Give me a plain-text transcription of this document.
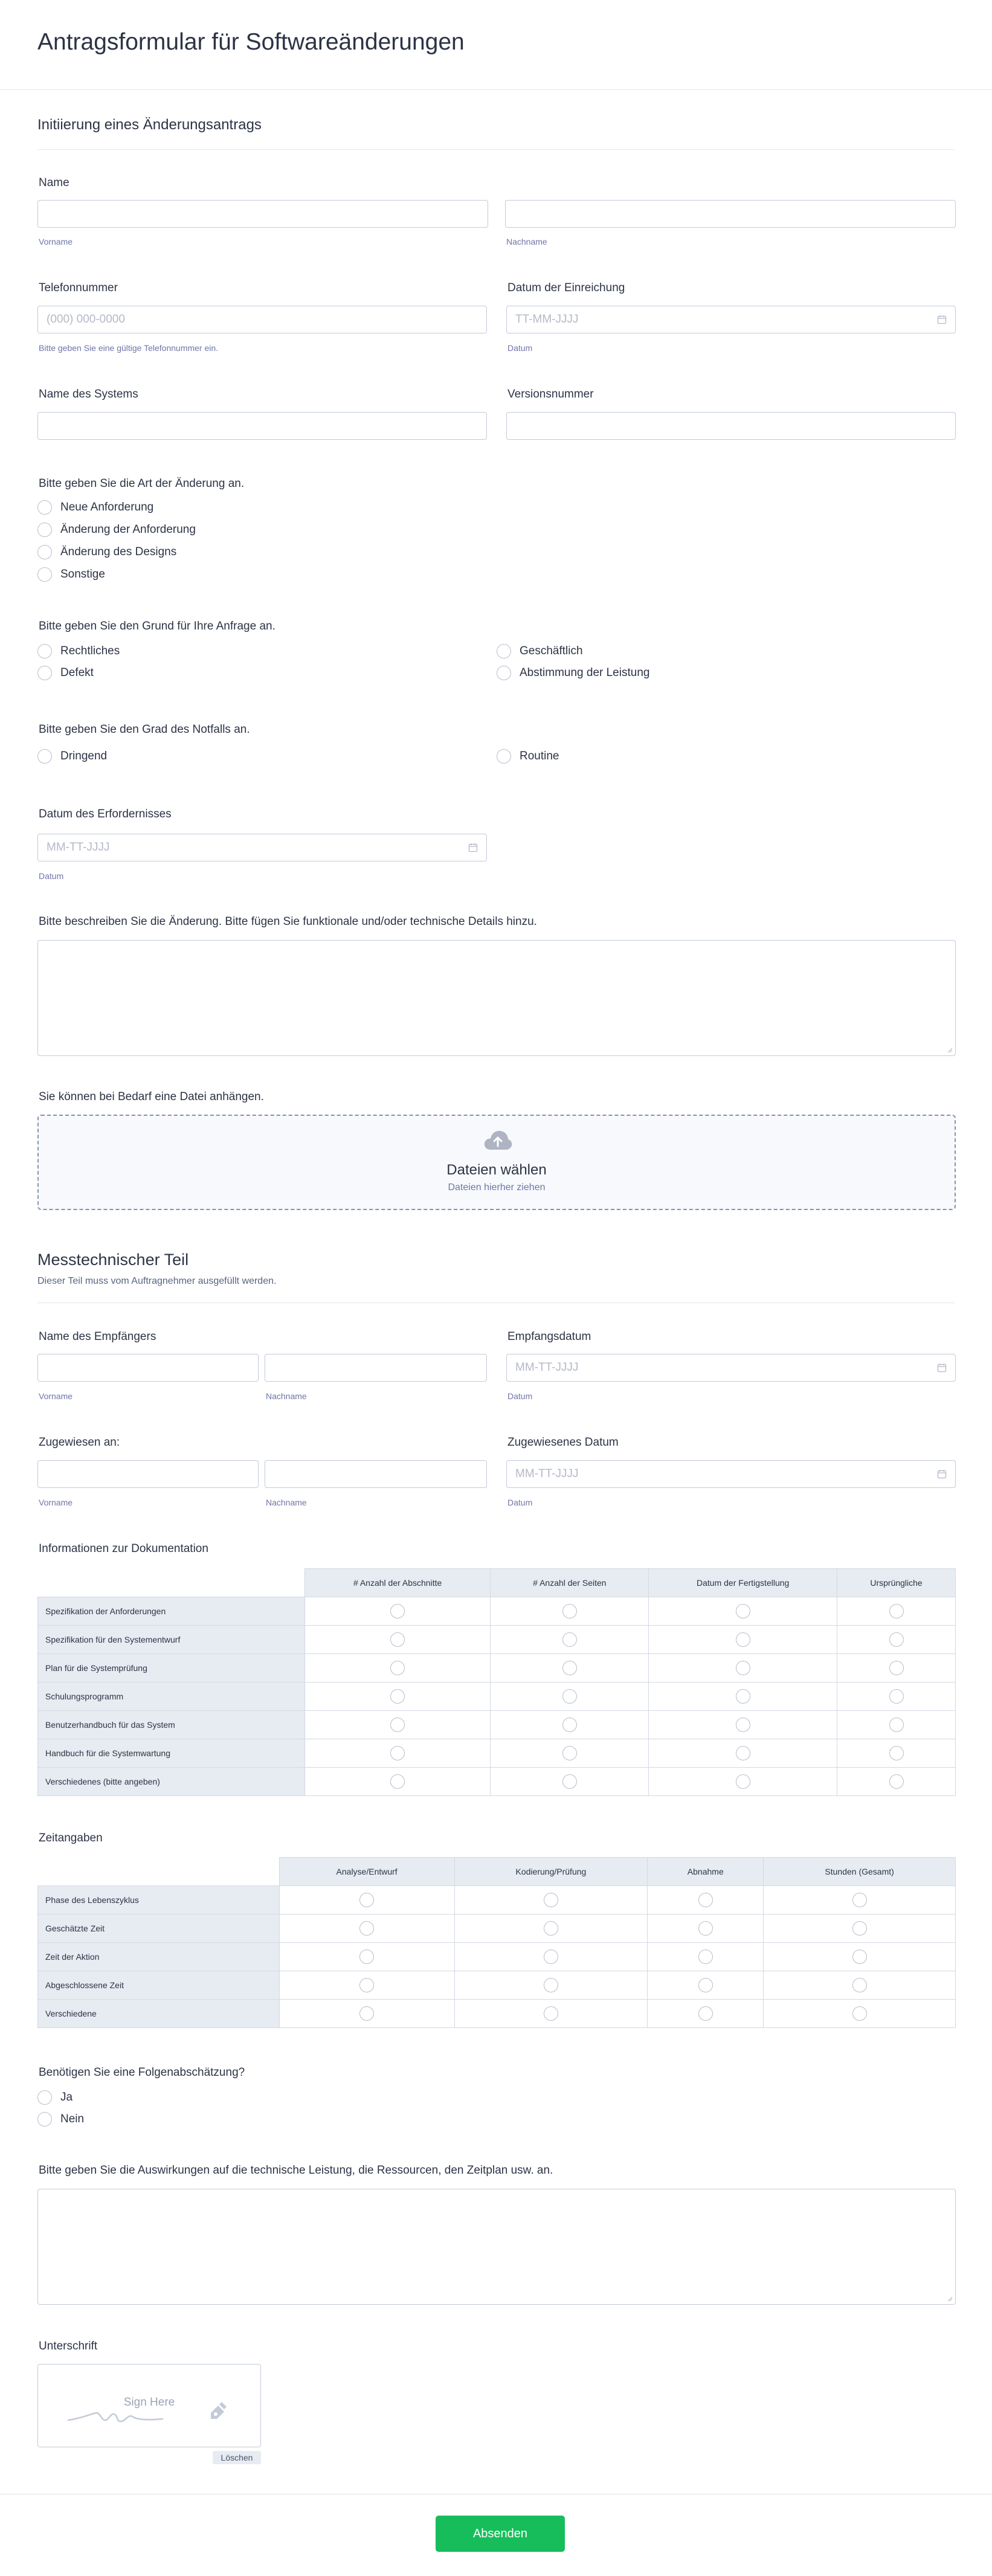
Antragsformular für Softwareänderungen
Initiierung eines Änderungsantrags
Name
Vorname	Nachname
Telefonnummer
(000) 000-0000
Bitte geben Sie eine gültige Telefonnummer ein.
Datum der Einreichung
TT-MM-JJJJ
Datum
Name des Systems	Versionsnummer
Bitte geben Sie die Art der Änderung an.
Neue Anforderung
Änderung der Anforderung
Änderung des Designs
Sonstige
Bitte geben Sie den Grund für Ihre Anfrage an.
Rechtliches	Geschäftlich
Defekt	Abstimmung der Leistung
Bitte geben Sie den Grad des Notfalls an.
Dringend	Routine
Datum des Erfordernisses
MM-TT-JJJJ
Datum
Bitte beschreiben Sie die Änderung. Bitte fügen Sie funktionale und/oder technische Details hinzu.
Sie können bei Bedarf eine Datei anhängen.
Dateien wählen
Dateien hierher ziehen
Messtechnischer Teil
Dieser Teil muss vom Auftragnehmer ausgefüllt werden.
Name des Empfängers
Vorname	Nachname
Empfangsdatum
MM-TT-JJJJ
Datum
Zugewiesen an:
Vorname	Nachname
Zugewiesenes Datum
MM-TT-JJJJ
Datum
Informationen zur Dokumentation
	# Anzahl der Abschnitte	# Anzahl der Seiten	Datum der Fertigstellung	Ursprüngliche
Spezifikation der Anforderungen				
Spezifikation für den Systementwurf				
Plan für die Systemprüfung				
Schulungsprogramm				
Benutzerhandbuch für das System				
Handbuch für die Systemwartung				
Verschiedenes (bitte angeben)				
Zeitangaben
	Analyse/Entwurf	Kodierung/Prüfung	Abnahme	Stunden (Gesamt)
Phase des Lebenszyklus				
Geschätzte Zeit				
Zeit der Aktion				
Abgeschlossene Zeit				
Verschiedene				
Benötigen Sie eine Folgenabschätzung?
Ja
Nein
Bitte geben Sie die Auswirkungen auf die technische Leistung, die Ressourcen, den Zeitplan usw. an.
Unterschrift
Sign Here
Löschen
Absenden
